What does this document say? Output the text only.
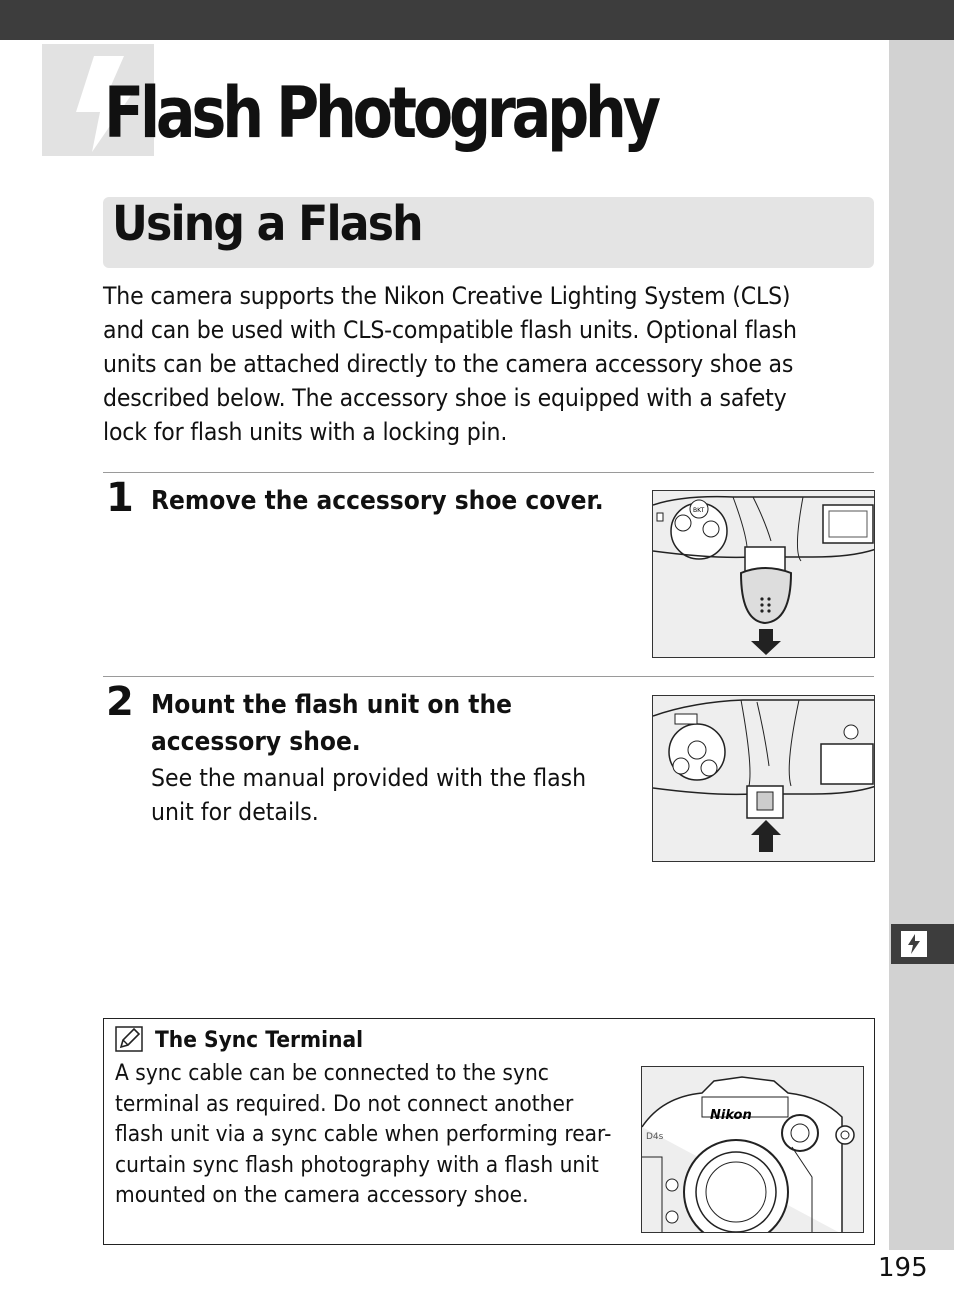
Flash Photography
Using a Flash

The camera supports the Nikon Creative Lighting System (CLS) and can be used with CLS-compatible flash units. Optional flash units can be attached directly to the camera accessory shoe as described below. The accessory shoe is equipped with a safety lock for flash units with a locking pin.

1 Remove the accessory shoe cover.	BKT
2 Mount the flash unit on the

accessory shoe.

See the manual provided with the flash

unit for details.

The Sync Terminal

A sync cable can be connected to the sync
terminal as required. Do not connect another
flash unit via a sync cable when performing rear-
curtain sync flash photography with a flash unit
mounted on the camera accessory shoe.

Nikon
D4s
195
